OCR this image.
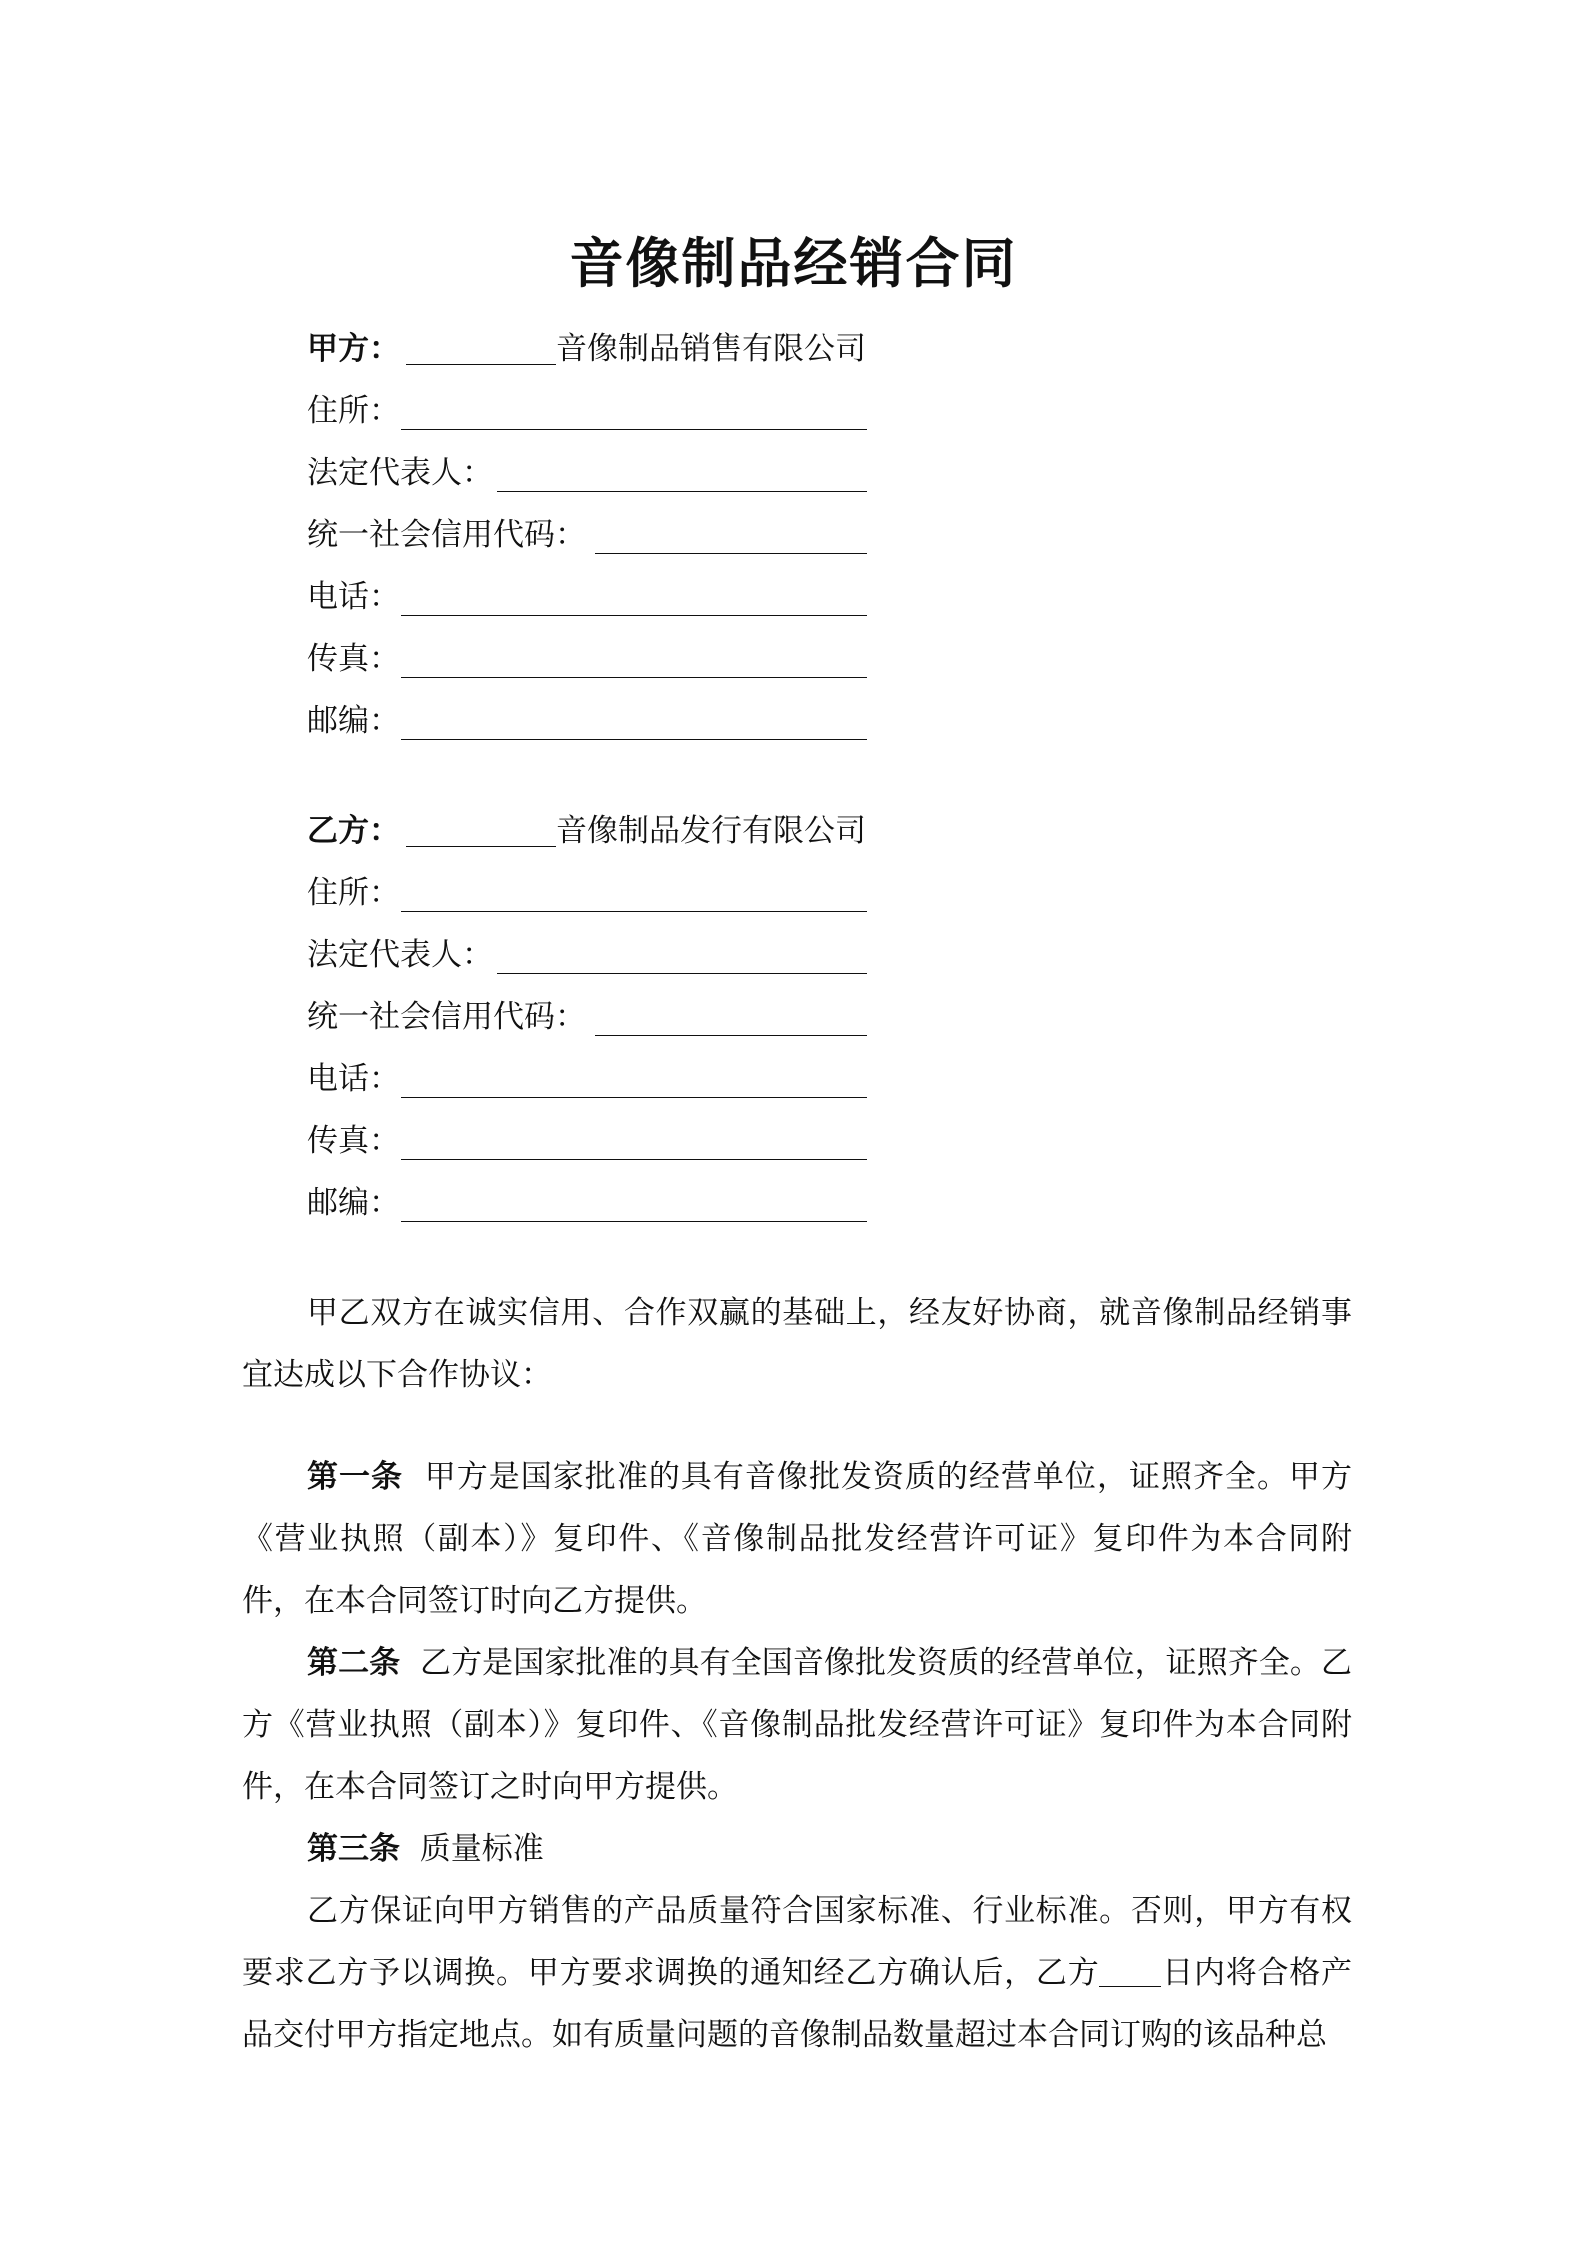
音像制品经销合同
甲方：	音像制品销售有限公司
住所：
法定代表人：
统一社会信用代码：
电话：
传真：
邮编：
乙方：	音像制品发行有限公司
住所：
法定代表人：
统一社会信用代码：
电话：
传真：
邮编：

甲乙双方在诚实信用、合作双赢的基础上，经友好协商，就音像制品经销事宜达成以下合作协议：

第一条 甲方是国家批准的具有音像批发资质的经营单位，证照齐全。甲方《营业执照（副本）》复印件、《音像制品批发经营许可证》复印件为本合同附件，在本合同签订时向乙方提供。

第二条 乙方是国家批准的具有全国音像批发资质的经营单位，证照齐全。乙方《营业执照（副本）》复印件、《音像制品批发经营许可证》复印件为本合同附件，在本合同签订之时向甲方提供。

第三条 质量标准

乙方保证向甲方销售的产品质量符合国家标准、行业标准。否则，甲方有权要求乙方予以调换。甲方要求调换的通知经乙方确认后，乙方 日内将合格产品交付甲方指定地点。如有质量问题的音像制品数量超过本合同订购的该品种总
